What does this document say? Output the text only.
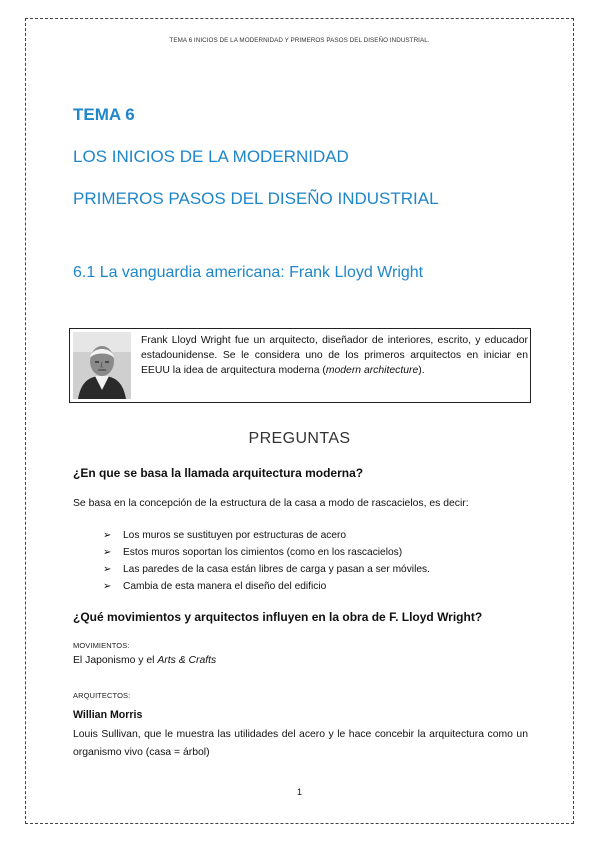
TEMA 6 INICIOS DE LA MODERNIDAD Y PRIMEROS PASOS DEL DISEÑO INDUSTRIAL.
TEMA 6
LOS INICIOS DE LA MODERNIDAD
PRIMEROS PASOS DEL DISEÑO INDUSTRIAL
6.1 La vanguardia americana: Frank Lloyd Wright
Frank Lloyd Wright fue un arquitecto, diseñador de interiores, escrito, y educador estadounidense. Se le considera uno de los primeros arquitectos en iniciar en EEUU la idea de arquitectura moderna (modern architecture).
PREGUNTAS
¿En que se basa la llamada arquitectura moderna?
Se basa en la concepción de la estructura de la casa a modo de rascacielos, es decir:
➢ Los muros se sustituyen por estructuras de acero
➢ Estos muros soportan los cimientos (como en los rascacielos)
➢ Las paredes de la casa están libres de carga y pasan a ser móviles.
➢ Cambia de esta manera el diseño del edificio
¿Qué movimientos y arquitectos influyen en la obra de F. Lloyd Wright?
MOVIMIENTOS:
El Japonismo y el Arts & Crafts
ARQUITECTOS:
Willian Morris
Louis Sullivan, que le muestra las utilidades del acero y le hace concebir la arquitectura como un organismo vivo (casa = árbol)
1
